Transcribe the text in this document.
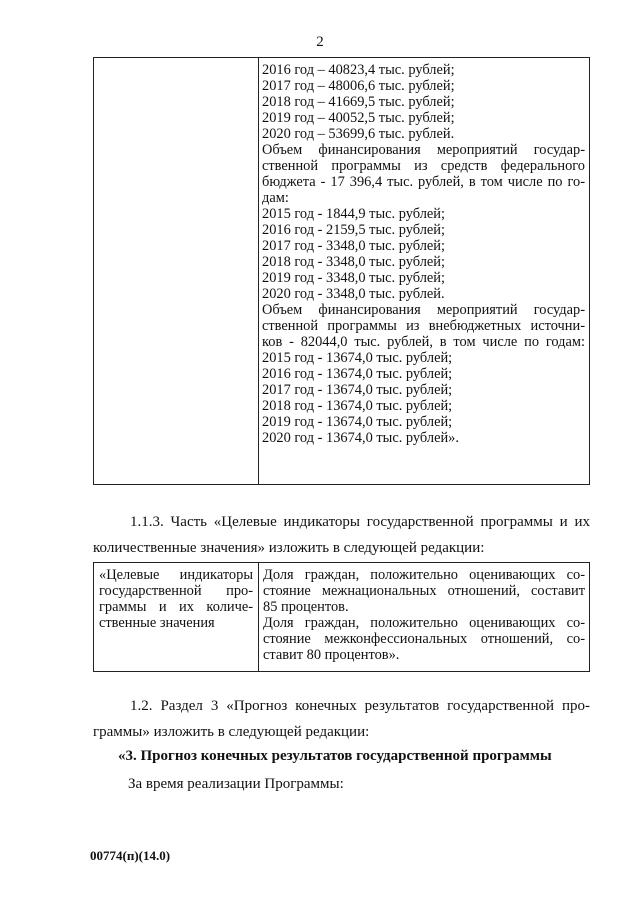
2
2016 год – 40823,4 тыс. рублей;
2017 год – 48006,6 тыс. рублей;
2018 год – 41669,5 тыс. рублей;
2019 год – 40052,5 тыс. рублей;
2020 год – 53699,6 тыс. рублей.
Объем финансирования мероприятий государ-
ственной программы из средств федерального
бюджета - 17 396,4 тыс. рублей, в том числе по го-
дам:
2015 год - 1844,9 тыс. рублей;
2016 год - 2159,5 тыс. рублей;
2017 год - 3348,0 тыс. рублей;
2018 год - 3348,0 тыс. рублей;
2019 год - 3348,0 тыс. рублей;
2020 год - 3348,0 тыс. рублей.
Объем финансирования мероприятий государ-
ственной программы из внебюджетных источни-
ков - 82044,0 тыс. рублей, в том числе по годам:
2015 год - 13674,0 тыс. рублей;
2016 год - 13674,0 тыс. рублей;
2017 год - 13674,0 тыс. рублей;
2018 год - 13674,0 тыс. рублей;
2019 год - 13674,0 тыс. рублей;
2020 год - 13674,0 тыс. рублей».
1.1.3. Часть «Целевые индикаторы государственной программы и их
количественные значения» изложить в следующей редакции:
«Целевые индикаторы
государственной про-
граммы и их количе-
ственные значения
Доля граждан, положительно оценивающих со-
стояние межнациональных отношений, составит
85 процентов.
Доля граждан, положительно оценивающих со-
стояние межконфессиональных отношений, со-
ставит 80 процентов».
1.2. Раздел 3 «Прогноз конечных результатов государственной про-
граммы» изложить в следующей редакции:
«3. Прогноз конечных результатов государственной программы
За время реализации Программы:
00774(п)(14.0)
